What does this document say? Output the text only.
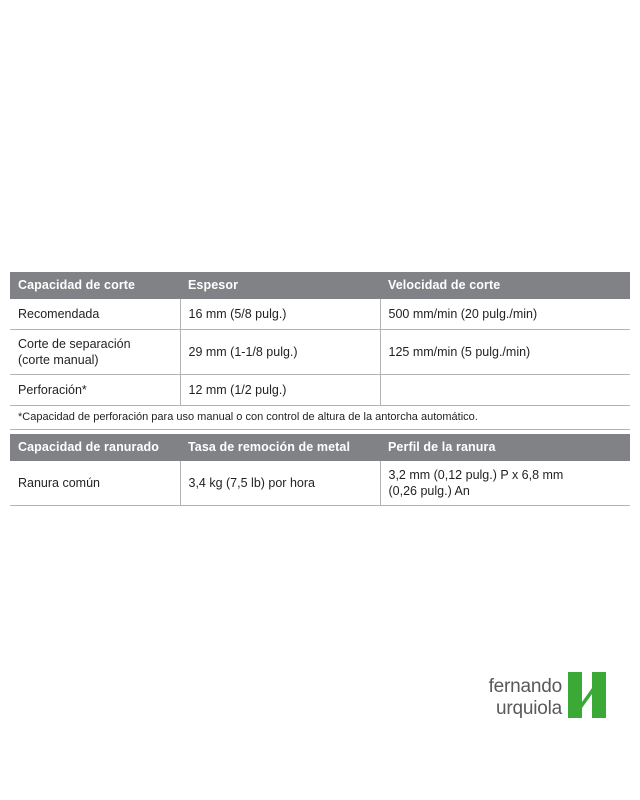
Capacidad de corte	Espesor	Velocidad de corte
Recomendada	16 mm (5/8 pulg.)	500 mm/min (20 pulg./min)
Corte de separación
(corte manual)	29 mm (1-1/8 pulg.)	125 mm/min (5 pulg./min)
Perforación*	12 mm (1/2 pulg.)	
*Capacidad de perforación para uso manual o con control de altura de la antorcha automático.		

Capacidad de ranurado	Tasa de remoción de metal	Perfil de la ranura
Ranura común	3,4 kg (7,5 lb) por hora	3,2 mm (0,12 pulg.) P x 6,8 mm
(0,26 pulg.) An
fernando
urquiola
